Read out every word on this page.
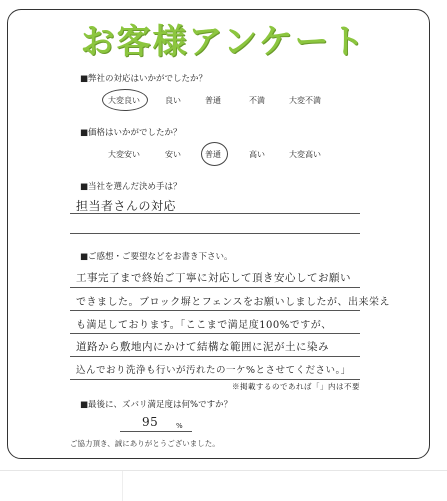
お客様アンケート
■弊社の対応はいかがでしたか？
大変良い	良い	普通	不満	大変不満
■価格はいかがでしたか？
大変安い	安い	普通	高い	大変高い
■当社を選んだ決め手は？
担当者さんの対応
■ご感想・ご要望などをお書き下さい。
工事完了まで終始ご丁寧に対応して頂き安心してお願い
できました。ブロック塀とフェンスをお願いしましたが、出来栄え
も満足しております。「ここまで満足度100%ですが、
道路から敷地内にかけて結構な範囲に泥が土に染み
込んでおり洗浄も行いが汚れたの一ケ%とさせてください。」
※掲載するのであれば「」内は不要
■最後に、ズバリ満足度は何%ですか？
95	%
ご協力頂き、誠にありがとうございました。
